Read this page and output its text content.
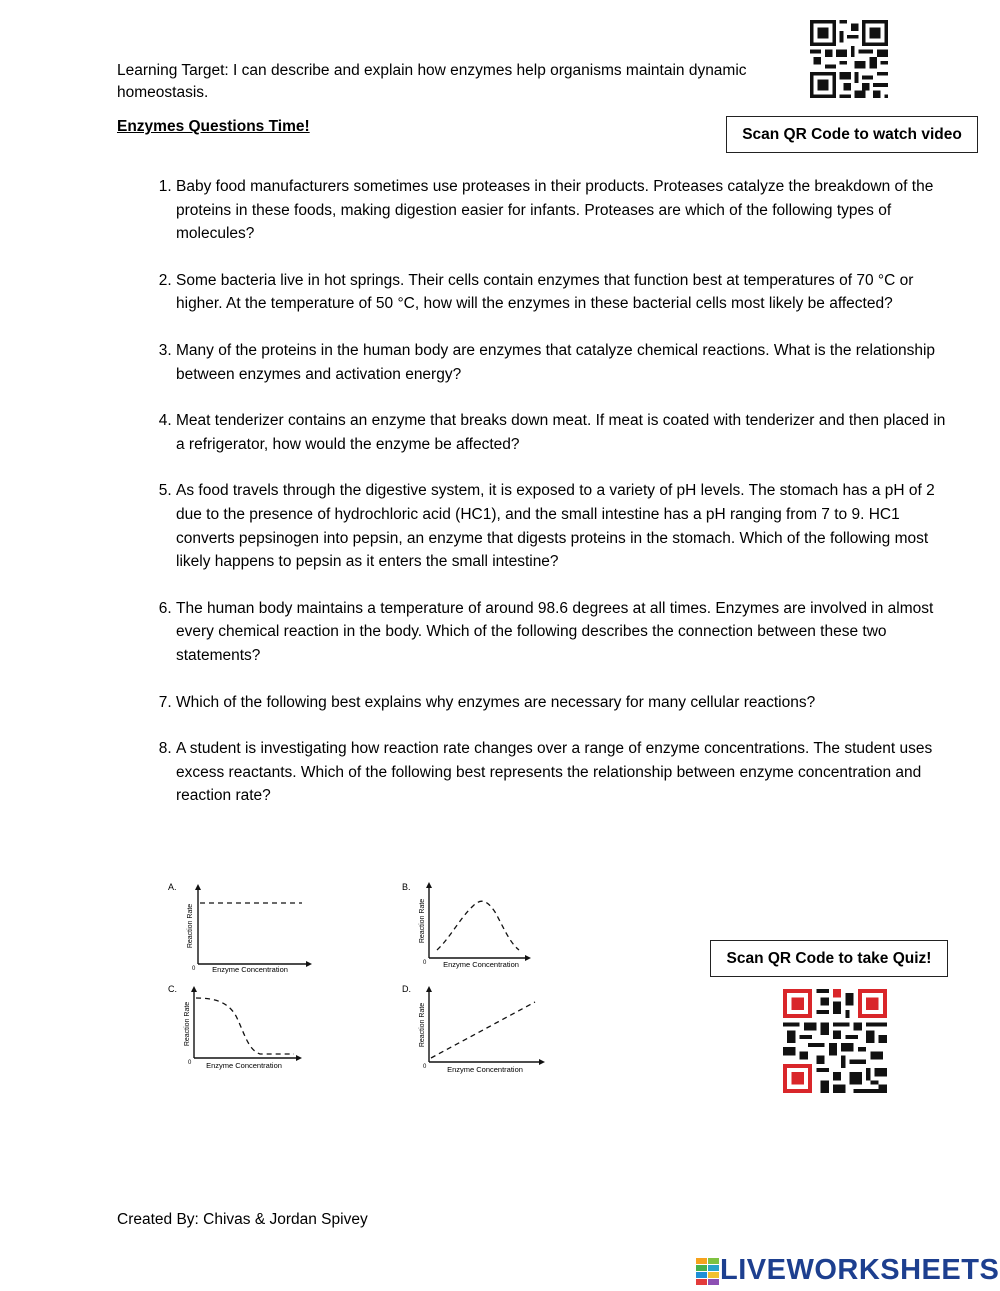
Learning Target: I can describe and explain how enzymes help organisms maintain dynamic homeostasis.
Enzymes Questions Time!	Scan QR Code to watch video
1. Baby food manufacturers sometimes use proteases in their products. Proteases catalyze the breakdown of the proteins in these foods, making digestion easier for infants. Proteases are which of the following types of molecules?
2. Some bacteria live in hot springs. Their cells contain enzymes that function best at temperatures of 70 °C or higher. At the temperature of 50 °C, how will the enzymes in these bacterial cells most likely be affected?
3. Many of the proteins in the human body are enzymes that catalyze chemical reactions. What is the relationship between enzymes and activation energy?
4. Meat tenderizer contains an enzyme that breaks down meat. If meat is coated with tenderizer and then placed in a refrigerator, how would the enzyme be affected?
5. As food travels through the digestive system, it is exposed to a variety of pH levels. The stomach has a pH of 2 due to the presence of hydrochloric acid (HC1), and the small intestine has a pH ranging from 7 to 9. HC1 converts pepsinogen into pepsin, an enzyme that digests proteins in the stomach. Which of the following most likely happens to pepsin as it enters the small intestine?
6. The human body maintains a temperature of around 98.6 degrees at all times. Enzymes are involved in almost every chemical reaction in the body. Which of the following describes the connection between these two statements?
7. Which of the following best explains why enzymes are necessary for many cellular reactions?
8. A student is investigating how reaction rate changes over a range of enzyme concentrations. The student uses excess reactants. Which of the following best represents the relationship between enzyme concentration and reaction rate?
A.
0 Enzyme Concentration
Reaction Rate
B.
0 Enzyme Concentration
Reaction Rate
C.
0 Enzyme Concentration
Reaction Rate
D.
0	Enzyme Concentration
Reaction Rate
Scan QR Code to take Quiz!
Created By: Chivas & Jordan Spivey
LIVEWORKSHEETS
